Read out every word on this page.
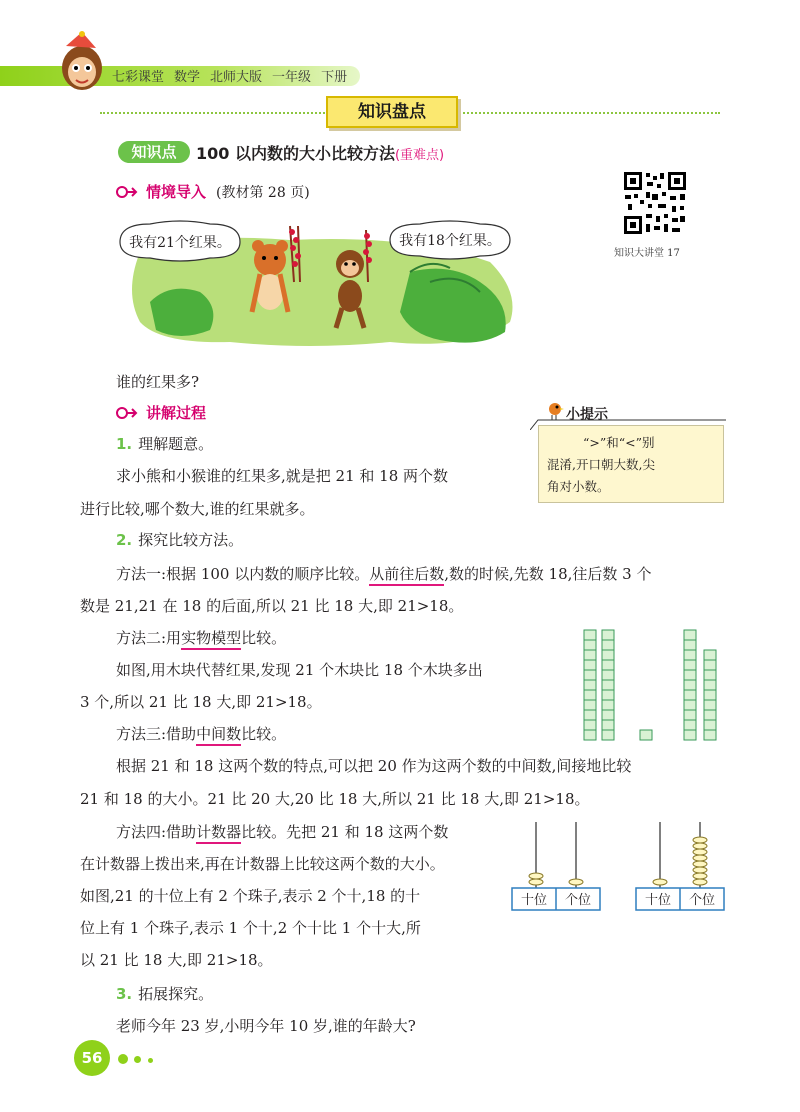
七彩课堂 数学 北师大版 一年级 下册
知识盘点
知识点	100 以内数的大小比较方法(重难点)
情境导入 (教材第 28 页)
知识大讲堂 17
我有21个红果。	我有18个红果。
谁的红果多?
讲解过程	小提示
“>”和“<”别
混淆,开口朝大数,尖
角对小数。
1. 理解题意。
求小熊和小猴谁的红果多,就是把 21 和 18 两个数
进行比较,哪个数大,谁的红果就多。
2. 探究比较方法。
方法一:根据 100 以内数的顺序比较。从前往后数,数的时候,先数 18,往后数 3 个
数是 21,21 在 18 的后面,所以 21 比 18 大,即 21>18。
方法二:用实物模型比较。
如图,用木块代替红果,发现 21 个木块比 18 个木块多出
3 个,所以 21 比 18 大,即 21>18。
方法三:借助中间数比较。
根据 21 和 18 这两个数的特点,可以把 20 作为这两个数的中间数,间接地比较
21 和 18 的大小。21 比 20 大,20 比 18 大,所以 21 比 18 大,即 21>18。
方法四:借助计数器比较。先把 21 和 18 这两个数
在计数器上拨出来,再在计数器上比较这两个数的大小。
如图,21 的十位上有 2 个珠子,表示 2 个十,18 的十
位上有 1 个珠子,表示 1 个十,2 个十比 1 个十大,所
以 21 比 18 大,即 21>18。
十位 个位	十位 个位
3. 拓展探究。
老师今年 23 岁,小明今年 10 岁,谁的年龄大?
56
